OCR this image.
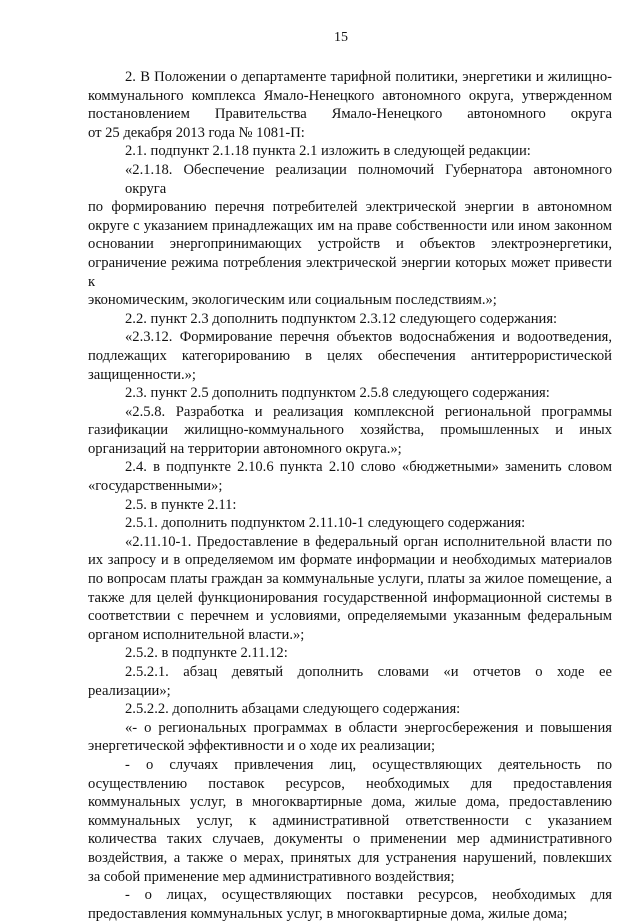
15
2. В Положении о департаменте тарифной политики, энергетики и жилищно-
коммунального комплекса Ямало-Ненецкого автономного округа, утвержденном
постановлением Правительства Ямало-Ненецкого автономного округа
от 25 декабря 2013 года № 1081-П:
2.1. подпункт 2.1.18 пункта 2.1 изложить в следующей редакции:
«2.1.18. Обеспечение реализации полномочий Губернатора автономного округа
по формированию перечня потребителей электрической энергии в автономном
округе с указанием принадлежащих им на праве собственности или ином законном
основании энергопринимающих устройств и объектов электроэнергетики,
ограничение режима потребления электрической энергии которых может привести к
экономическим, экологическим или социальным последствиям.»;
2.2. пункт 2.3 дополнить подпунктом 2.3.12 следующего содержания:
«2.3.12. Формирование перечня объектов водоснабжения и водоотведения,
подлежащих категорированию в целях обеспечения антитеррористической
защищенности.»;
2.3. пункт 2.5 дополнить подпунктом 2.5.8 следующего содержания:
«2.5.8. Разработка и реализация комплексной региональной программы
газификации жилищно-коммунального хозяйства, промышленных и иных
организаций на территории автономного округа.»;
2.4. в подпункте 2.10.6 пункта 2.10 слово «бюджетными» заменить словом
«государственными»;
2.5. в пункте 2.11:
2.5.1. дополнить подпунктом 2.11.10-1 следующего содержания:
«2.11.10-1. Предоставление в федеральный орган исполнительной власти по
их запросу и в определяемом им формате информации и необходимых материалов
по вопросам платы граждан за коммунальные услуги, платы за жилое помещение, а
также для целей функционирования государственной информационной системы в
соответствии с перечнем и условиями, определяемыми указанным федеральным
органом исполнительной власти.»;
2.5.2. в подпункте 2.11.12:
2.5.2.1. абзац девятый дополнить словами «и отчетов о ходе ее
реализации»;
2.5.2.2. дополнить абзацами следующего содержания:
«- о региональных программах в области энергосбережения и повышения
энергетической эффективности и о ходе их реализации;
- о случаях привлечения лиц, осуществляющих деятельность по
осуществлению поставок ресурсов, необходимых для предоставления
коммунальных услуг, в многоквартирные дома, жилые дома, предоставлению
коммунальных услуг, к административной ответственности с указанием
количества таких случаев, документы о применении мер административного
воздействия, а также о мерах, принятых для устранения нарушений, повлекших
за собой применение мер административного воздействия;
- о лицах, осуществляющих поставки ресурсов, необходимых для
предоставления коммунальных услуг, в многоквартирные дома, жилые дома;
